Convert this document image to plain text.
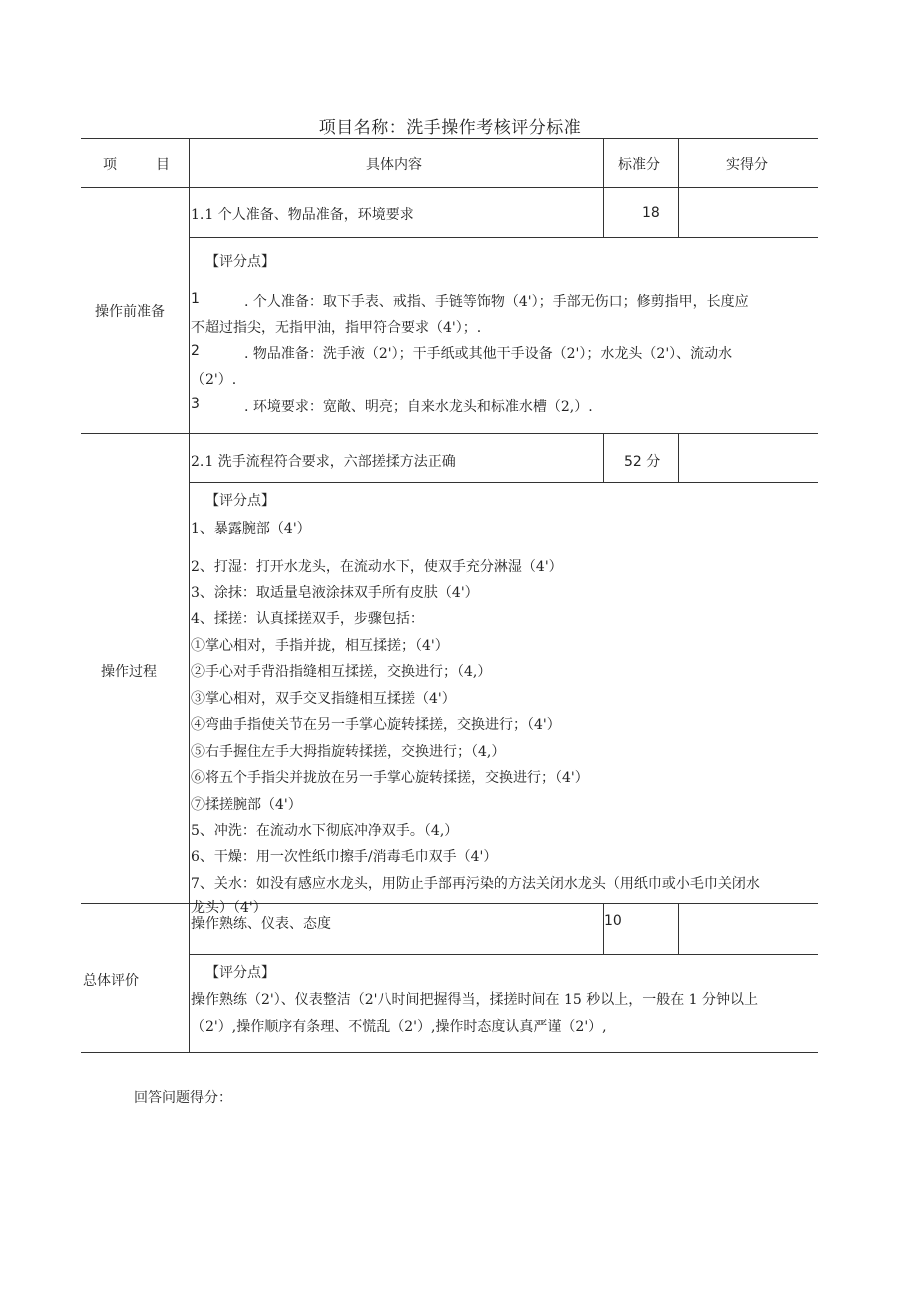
项目名称：洗手操作考核评分标准
项	目	具体内容	标准分	实得分
操作前准备
1.1 个人准备、物品准备，环境要求	18
【评分点】
1	. 个人准备：取下手表、戒指、手链等饰物（4'）；手部无伤口；修剪指甲，长度应
不超过指尖，无指甲油，指甲符合要求（4'）；.
2	. 物品准备：洗手液（2'）；干手纸或其他干手设备（2'）；水龙头（2'）、流动水
（2'）.
3	. 环境要求：宽敞、明亮；自来水龙头和标准水槽（2,）.
操作过程
2.1 洗手流程符合要求，六部搓揉方法正确	52 分
【评分点】
1、暴露腕部（4'）
2、打湿：打开水龙头，在流动水下，使双手充分淋湿（4'）
3、涂抹：取适量皂液涂抹双手所有皮肤（4'）
4、揉搓：认真揉搓双手，步骤包括：
①掌心相对，手指并拢，相互揉搓；（4'）
②手心对手背沿指缝相互揉搓，交换进行；（4,）
③掌心相对，双手交叉指缝相互揉搓（4'）
④弯曲手指使关节在另一手掌心旋转揉搓，交换进行；（4'）
⑤右手握住左手大拇指旋转揉搓，交换进行；（4,）
⑥将五个手指尖并拢放在另一手掌心旋转揉搓，交换进行；（4'）
⑦揉搓腕部（4'）
5、冲洗：在流动水下彻底冲净双手。（4,）
6、干燥：用一次性纸巾擦手/消毒毛巾双手（4'）
7、关水：如没有感应水龙头，用防止手部再污染的方法关闭水龙头（用纸巾或小毛巾关闭水
龙头）（4'）
总体评价
操作熟练、仪表、态度	10
【评分点】
操作熟练（2'）、仪表整洁（2'八时间把握得当，揉搓时间在 15 秒以上，一般在 1 分钟以上
（2'）,操作顺序有条理、不慌乱（2'）,操作时态度认真严谨（2'）,
回答问题得分：
